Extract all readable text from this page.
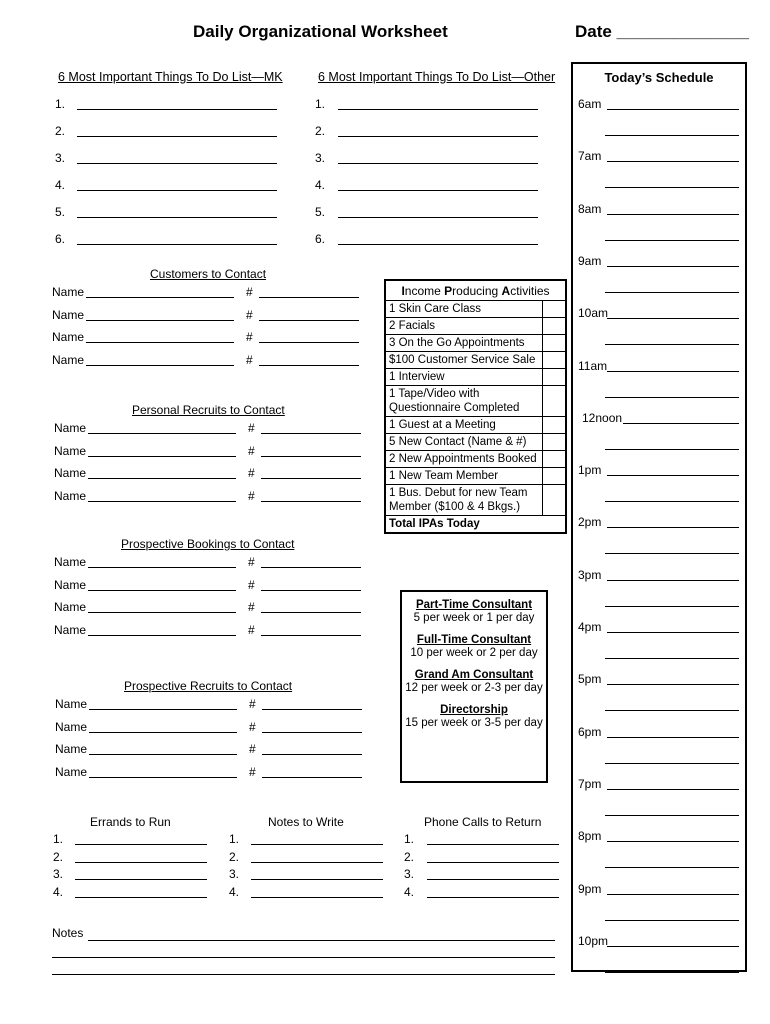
Daily Organizational Worksheet	Date ______________
6 Most Important Things To Do List—MK	6 Most Important Things To Do List—Other
1.
2.
3.
4.
5.
6.
1.
2.
3.
4.
5.
6.
Customers to Contact
Name	#
Name	#
Name	#
Name	#
Personal Recruits to Contact
Name	#
Name	#
Name	#
Name	#
Prospective Bookings to Contact
Name	#
Name	#
Name	#
Name	#
Prospective Recruits to Contact
Name	#
Name	#
Name	#
Name	#
Income Producing Activities
1 Skin Care Class
2 Facials
3 On the Go Appointments
$100 Customer Service Sale
1 Interview
1 Tape/Video with Questionnaire Completed
1 Guest at a Meeting
5 New Contact (Name & #)
2 New Appointments Booked
1 New Team Member
1 Bus. Debut for new Team Member ($100 & 4 Bkgs.)
Total IPAs Today
Part-Time Consultant
5 per week or 1 per day
Full-Time Consultant
10 per week or 2 per day
Grand Am Consultant
12 per week or 2-3 per day
Directorship
15 per week or 3-5 per day
Errands to Run
1.
2.
3.
4.
Notes to Write
1.
2.
3.
4.
Phone Calls to Return
1.
2.
3.
4.
Notes
Today’s Schedule
6am
7am
8am
9am
10am
11am
12noon
1pm
2pm
3pm
4pm
5pm
6pm
7pm
8pm
9pm
10pm
